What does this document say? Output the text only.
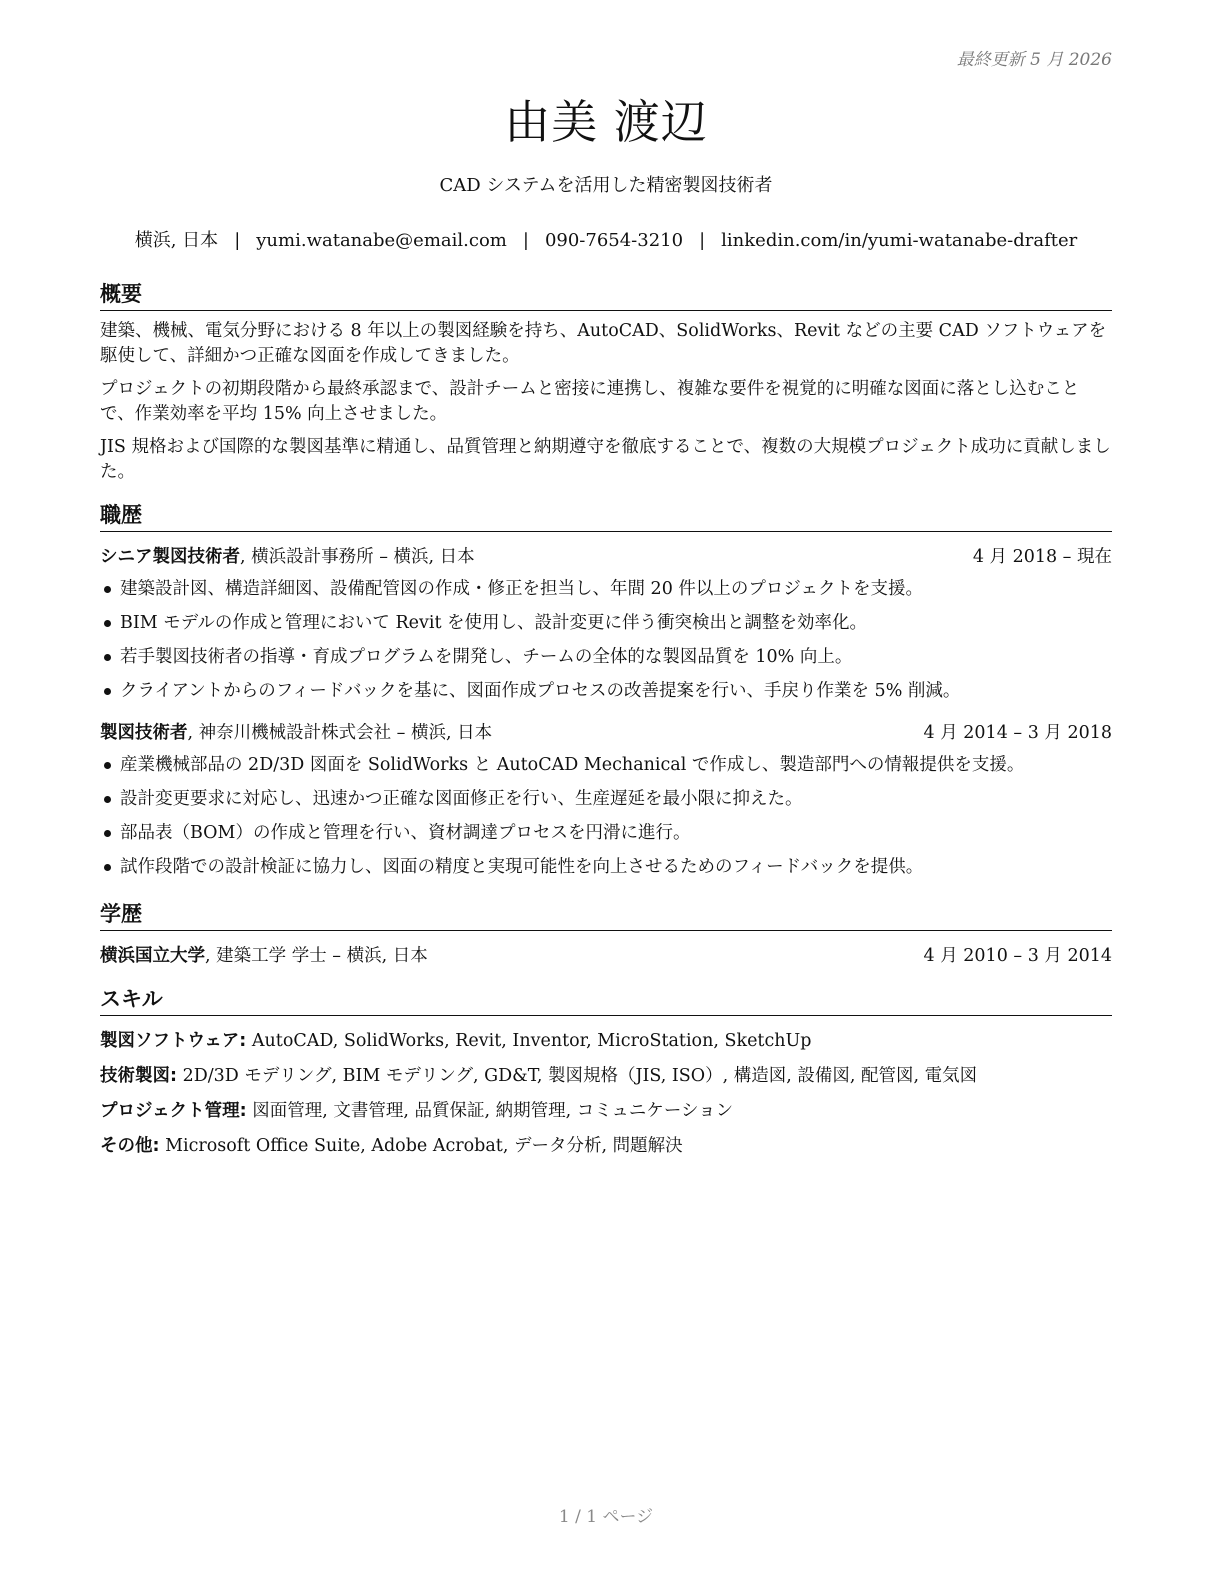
最終更新 5 月 2026
由美 渡辺
CAD システムを活用した精密製図技術者
横浜, 日本 | yumi.watanabe@email.com | 090-7654-3210 | linkedin.com/in/yumi-watanabe-drafter
概要

建築、機械、電気分野における 8 年以上の製図経験を持ち、AutoCAD、SolidWorks、Revit などの主要 CAD ソフトウェアを駆使して、詳細かつ正確な図面を作成してきました。

プロジェクトの初期段階から最終承認まで、設計チームと密接に連携し、複雑な要件を視覚的に明確な図面に落とし込むことで、作業効率を平均 15% 向上させました。

JIS 規格および国際的な製図基準に精通し、品質管理と納期遵守を徹底することで、複数の大規模プロジェクト成功に貢献しました。

職歴
シニア製図技術者, 横浜設計事務所 – 横浜, 日本	4 月 2018 – 現在
建築設計図、構造詳細図、設備配管図の作成・修正を担当し、年間 20 件以上のプロジェクトを支援。
BIM モデルの作成と管理において Revit を使用し、設計変更に伴う衝突検出と調整を効率化。
若手製図技術者の指導・育成プログラムを開発し、チームの全体的な製図品質を 10% 向上。
クライアントからのフィードバックを基に、図面作成プロセスの改善提案を行い、手戻り作業を 5% 削減。
製図技術者, 神奈川機械設計株式会社 – 横浜, 日本	4 月 2014 – 3 月 2018
産業機械部品の 2D/3D 図面を SolidWorks と AutoCAD Mechanical で作成し、製造部門への情報提供を支援。
設計変更要求に対応し、迅速かつ正確な図面修正を行い、生産遅延を最小限に抑えた。
部品表（BOM）の作成と管理を行い、資材調達プロセスを円滑に進行。
試作段階での設計検証に協力し、図面の精度と実現可能性を向上させるためのフィードバックを提供。
学歴
横浜国立大学, 建築工学 学士 – 横浜, 日本	4 月 2010 – 3 月 2014
スキル
製図ソフトウェア: AutoCAD, SolidWorks, Revit, Inventor, MicroStation, SketchUp
技術製図: 2D/3D モデリング, BIM モデリング, GD&T, 製図規格（JIS, ISO）, 構造図, 設備図, 配管図, 電気図
プロジェクト管理: 図面管理, 文書管理, 品質保証, 納期管理, コミュニケーション
その他: Microsoft Office Suite, Adobe Acrobat, データ分析, 問題解決
1 / 1 ページ
